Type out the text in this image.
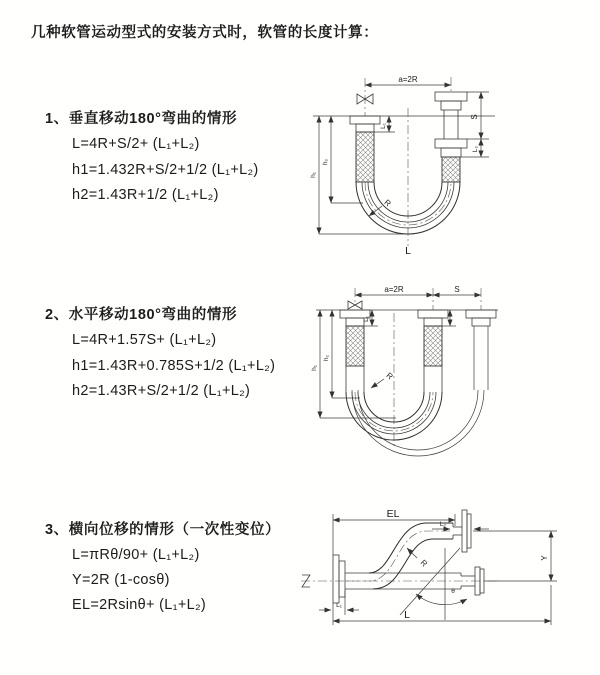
几种软管运动型式的安装方式时，软管的长度计算：
1、垂直移动180°弯曲的情形
L=4R+S/2+ (L₁+L₂)
h1=1.432R+S/2+1/2 (L₁+L₂)
h2=1.43R+1/2 (L₁+L₂)
2、水平移动180°弯曲的情形
L=4R+1.57S+ (L₁+L₂)
h1=1.43R+0.785S+1/2 (L₁+L₂)
h2=1.43R+S/2+1/2 (L₁+L₂)
3、横向位移的情形（一次性变位）
L=πRθ/90+ (L₁+L₂)
Y=2R (1-cosθ)
EL=2Rsinθ+ (L₁+L₂)
a=2R
L₁
S
L₂
h₁
h₂
R
L
a=2R	S
L₁
h₁
h₂
R
EL
L₂
Y
R
θ
L
L₁
